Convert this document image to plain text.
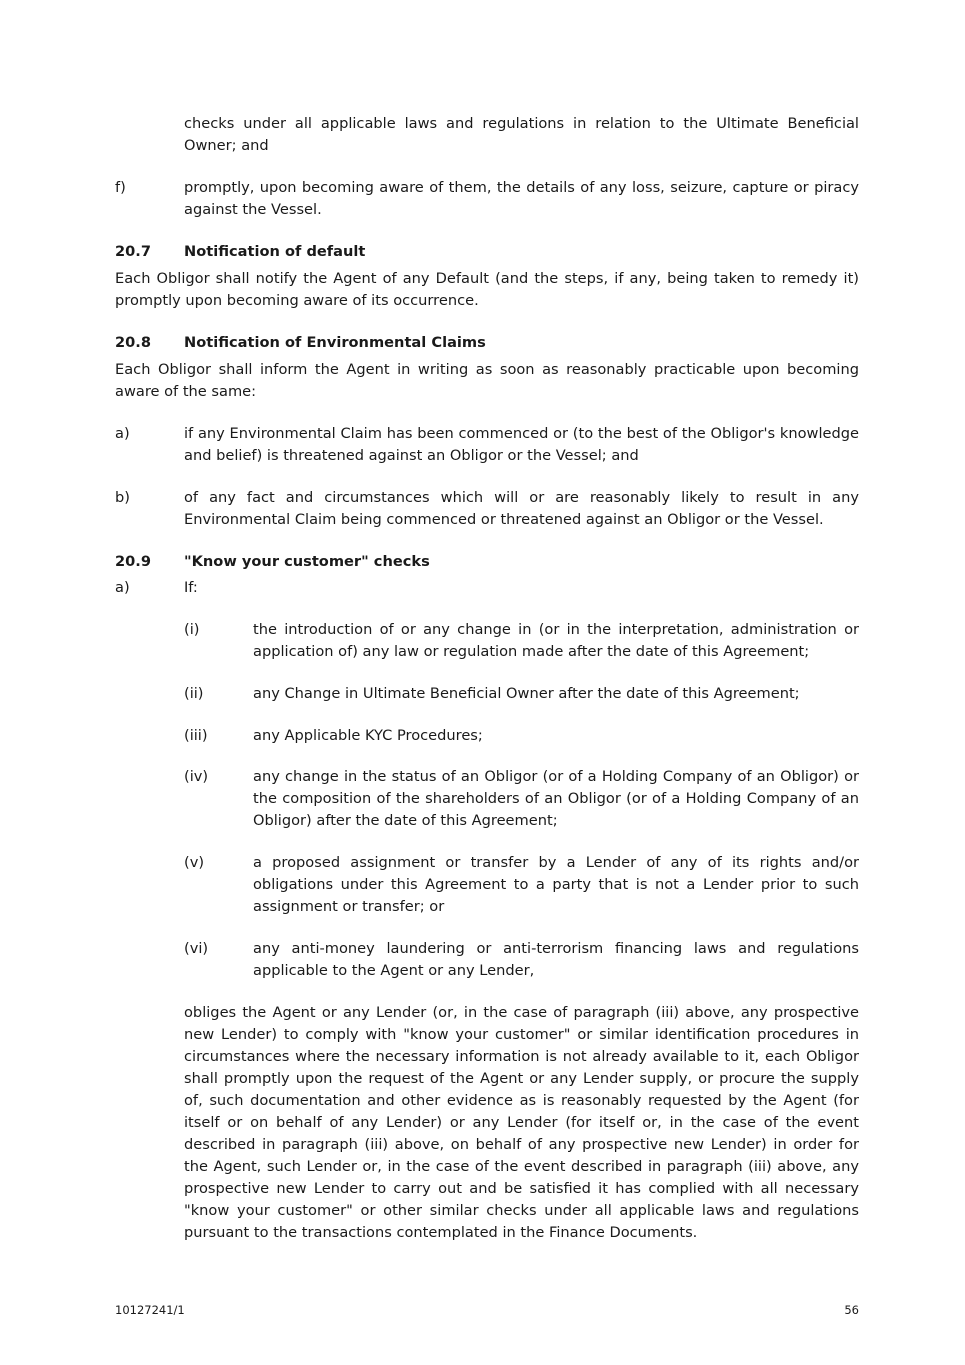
checks under all applicable laws and regulations in relation to the Ultimate Beneficial Owner; and

f)	promptly, upon becoming aware of them, the details of any loss, seizure, capture or piracy against the Vessel.

20.7 Notification of default

Each Obligor shall notify the Agent of any Default (and the steps, if any, being taken to remedy it) promptly upon becoming aware of its occurrence.

20.8 Notification of Environmental Claims

Each Obligor shall inform the Agent in writing as soon as reasonably practicable upon becoming aware of the same:

a)	if any Environmental Claim has been commenced or (to the best of the Obligor's knowledge and belief) is threatened against an Obligor or the Vessel; and

b)	of any fact and circumstances which will or are reasonably likely to result in any Environmental Claim being commenced or threatened against an Obligor or the Vessel.

20.9 "Know your customer" checks
a)	If:
(i)	the introduction of or any change in (or in the interpretation, administration or application of) any law or regulation made after the date of this Agreement;

(ii)	any Change in Ultimate Beneficial Owner after the date of this Agreement;

(iii)	any Applicable KYC Procedures;

(iv)	any change in the status of an Obligor (or of a Holding Company of an Obligor) or the composition of the shareholders of an Obligor (or of a Holding Company of an Obligor) after the date of this Agreement;

(v)	a proposed assignment or transfer by a Lender of any of its rights and/or obligations under this Agreement to a party that is not a Lender prior to such assignment or transfer; or

(vi)	any anti-money laundering or anti-terrorism financing laws and regulations applicable to the Agent or any Lender,

obliges the Agent or any Lender (or, in the case of paragraph (iii) above, any prospective new Lender) to comply with "know your customer" or similar identification procedures in circumstances where the necessary information is not already available to it, each Obligor shall promptly upon the request of the Agent or any Lender supply, or procure the supply of, such documentation and other evidence as is reasonably requested by the Agent (for itself or on behalf of any Lender) or any Lender (for itself or, in the case of the event described in paragraph (iii) above, on behalf of any prospective new Lender) in order for the Agent, such Lender or, in the case of the event described in paragraph (iii) above, any prospective new Lender to carry out and be satisfied it has complied with all necessary "know your customer" or other similar checks under all applicable laws and regulations pursuant to the transactions contemplated in the Finance Documents.

10127241/1	56
